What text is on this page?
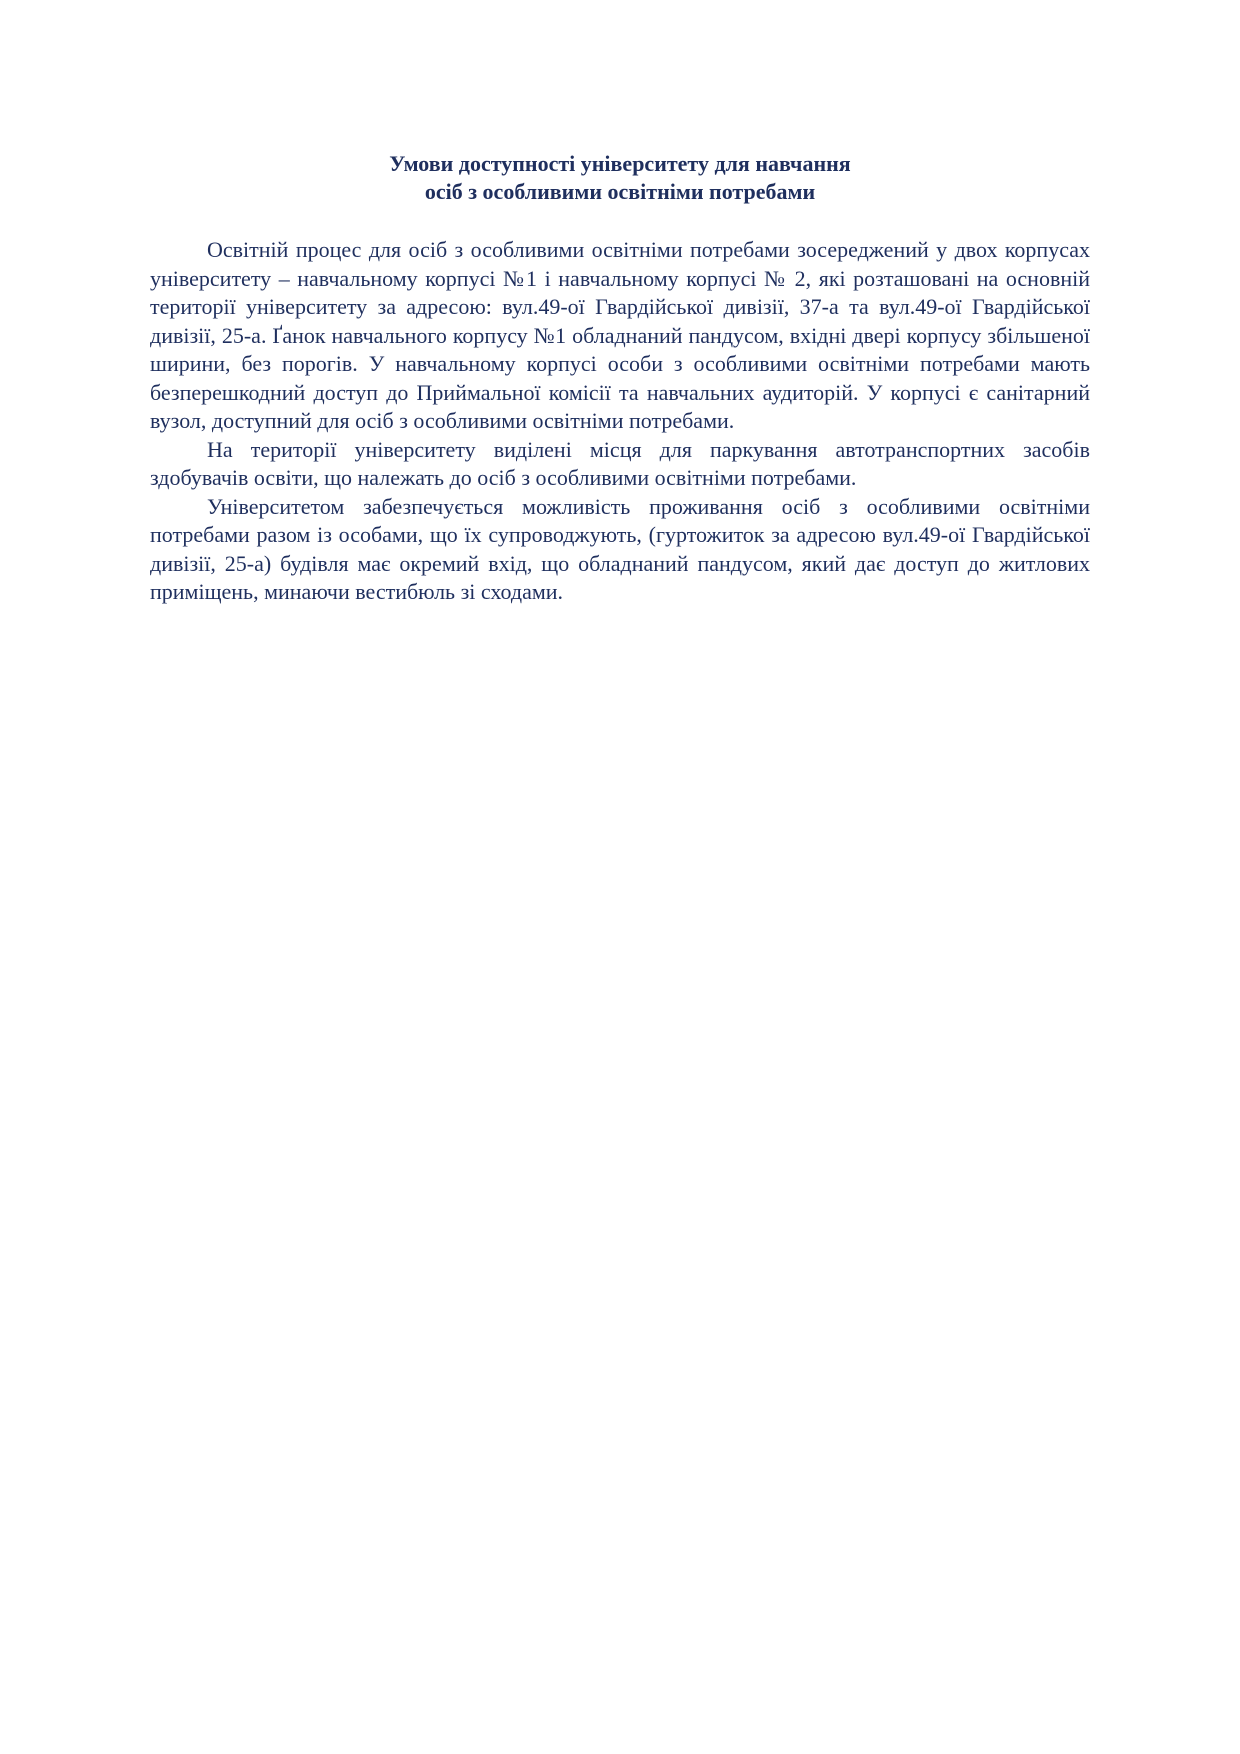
Умови доступності університету для навчання
осіб з особливими освітніми потребами

Освітній процес для осіб з особливими освітніми потребами зосереджений у двох корпусах університету – навчальному корпусі №1 і навчальному корпусі № 2, які розташовані на основній території університету за адресою: вул.49-ої Гвардійської дивізії, 37-а та вул.49-ої Гвардійської дивізії, 25-а. Ґанок навчального корпусу №1 обладнаний пандусом, вхідні двері корпусу збільшеної ширини, без порогів. У навчальному корпусі особи з особливими освітніми потребами мають безперешкодний доступ до Приймальної комісії та навчальних аудиторій. У корпусі є санітарний вузол, доступний для осіб з особливими освітніми потребами.

На території університету виділені місця для паркування автотранспортних засобів здобувачів освіти, що належать до осіб з особливими освітніми потребами.

Університетом забезпечується можливість проживання осіб з особливими освітніми потребами разом із особами, що їх супроводжують, (гуртожиток за адресою вул.49-ої Гвардійської дивізії, 25-а) будівля має окремий вхід, що обладнаний пандусом, який дає доступ до житлових приміщень, минаючи вестибюль зі сходами.
